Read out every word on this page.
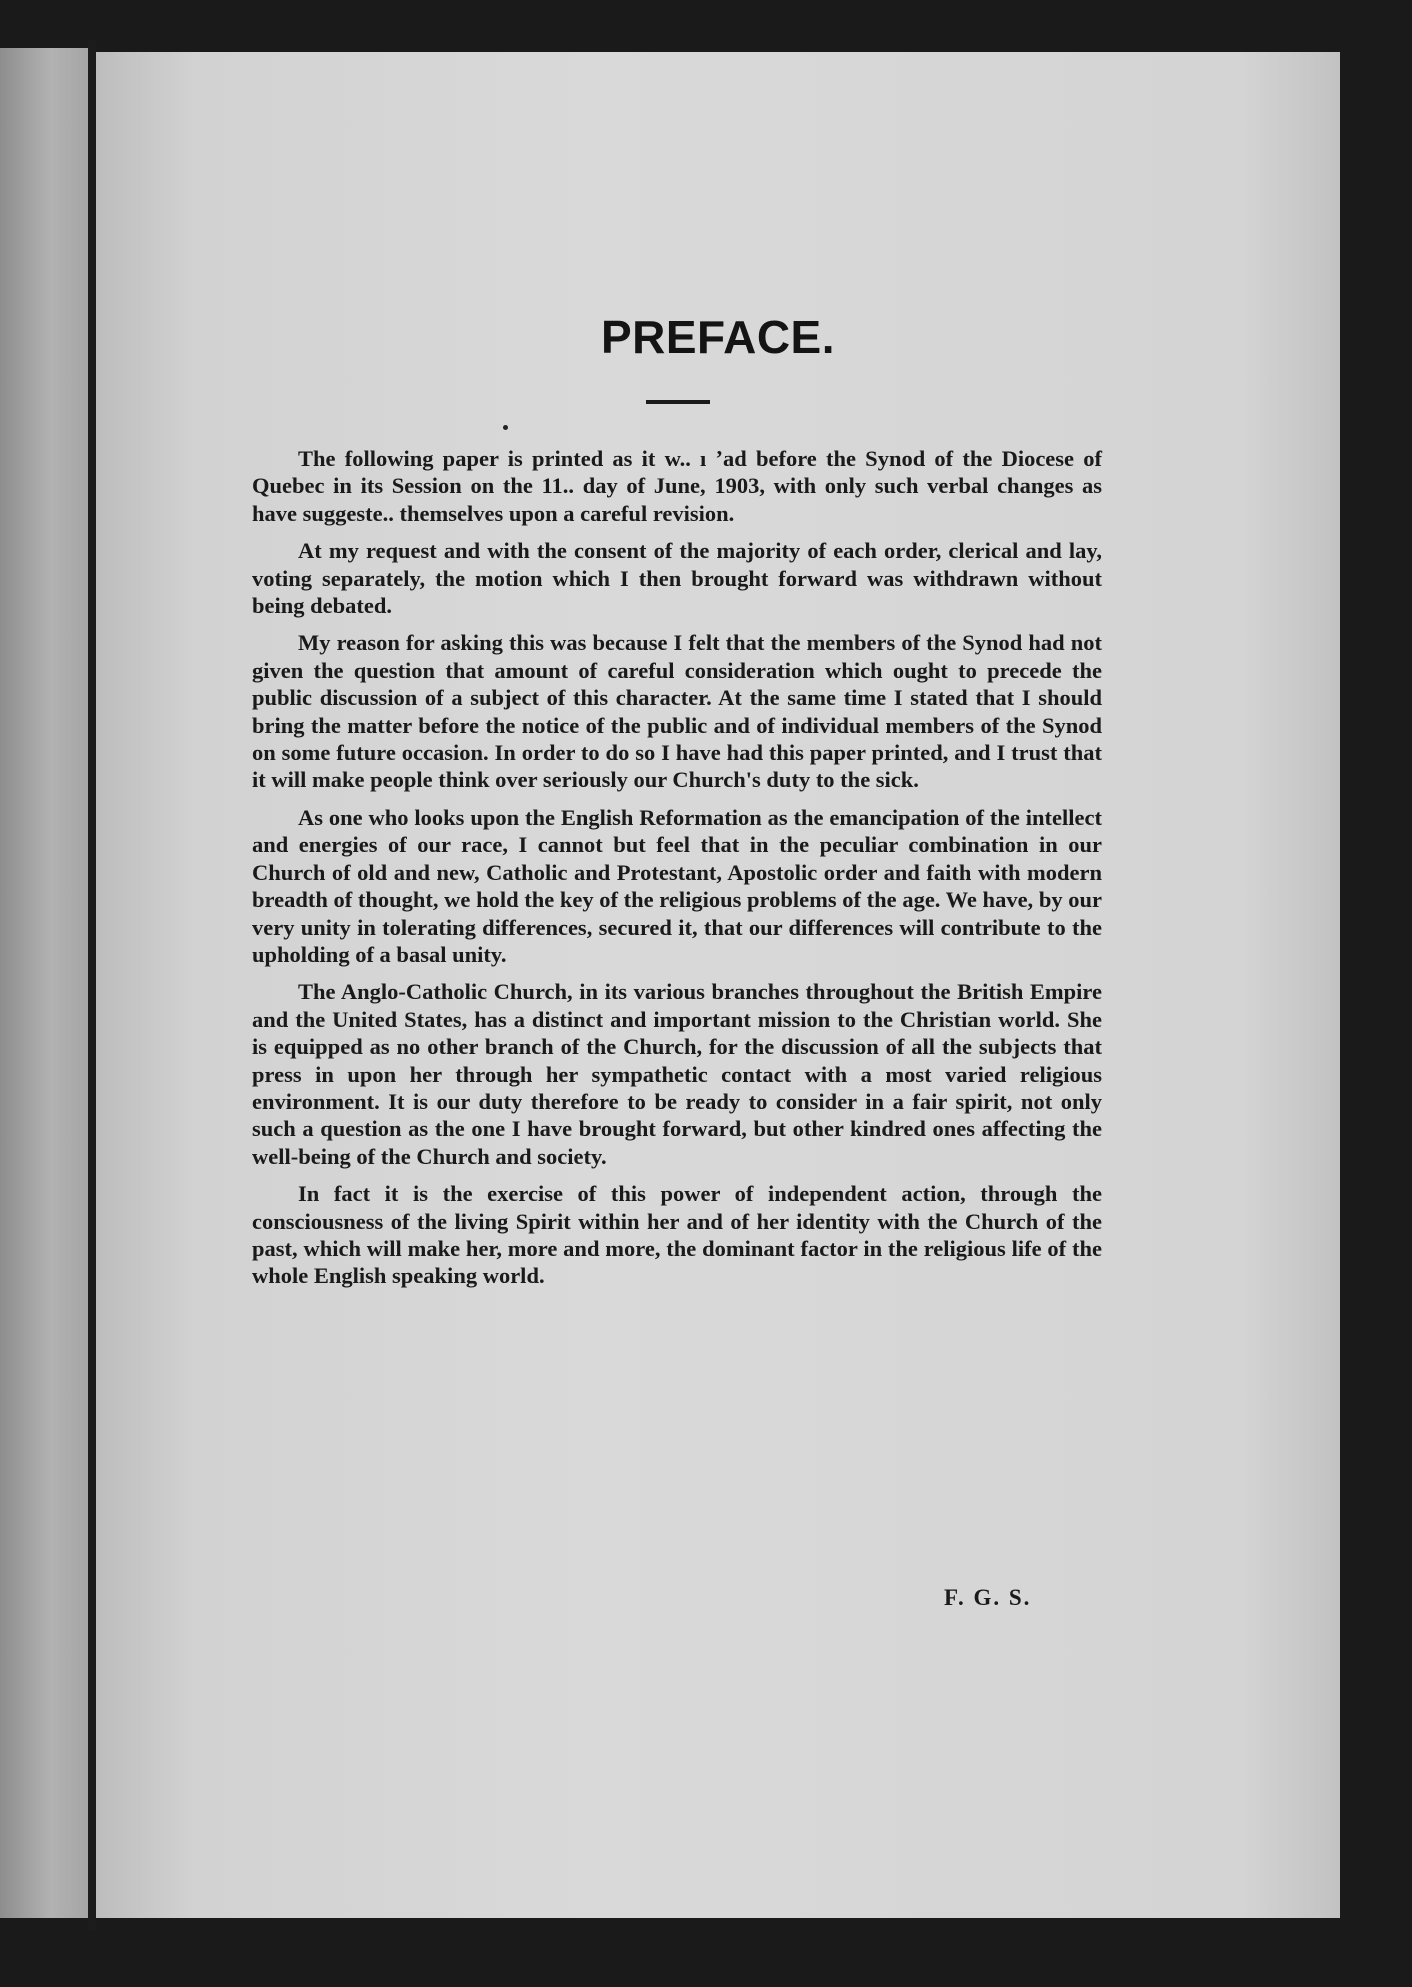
PREFACE.

The following paper is printed as it w.. ı ʼad before the Synod of the Diocese of Quebec in its Session on the 11.. day of June, 1903, with only such verbal changes as have suggeste.. themselves upon a careful revision.

At my request and with the consent of the majority of each order, clerical and lay, voting separately, the motion which I then brought forward was withdrawn without being debated.

My reason for asking this was because I felt that the members of the Synod had not given the question that amount of careful consideration which ought to precede the public discussion of a subject of this character. At the same time I stated that I should bring the matter before the notice of the public and of individual members of the Synod on some future occasion. In order to do so I have had this paper printed, and I trust that it will make people think over seriously our Church's duty to the sick.

As one who looks upon the English Reformation as the emancipation of the intellect and energies of our race, I cannot but feel that in the peculiar combination in our Church of old and new, Catholic and Protestant, Apostolic order and faith with modern breadth of thought, we hold the key of the religious problems of the age. We have, by our very unity in tolerating differences, secured it, that our differences will contribute to the upholding of a basal unity.

The Anglo-Catholic Church, in its various branches throughout the British Empire and the United States, has a distinct and important mission to the Christian world. She is equipped as no other branch of the Church, for the discussion of all the subjects that press in upon her through her sympathetic contact with a most varied religious environment. It is our duty therefore to be ready to consider in a fair spirit, not only such a question as the one I have brought forward, but other kindred ones affecting the well-being of the Church and society.

In fact it is the exercise of this power of independent action, through the consciousness of the living Spirit within her and of her identity with the Church of the past, which will make her, more and more, the dominant factor in the religious life of the whole English speaking world.

F. G. S.
